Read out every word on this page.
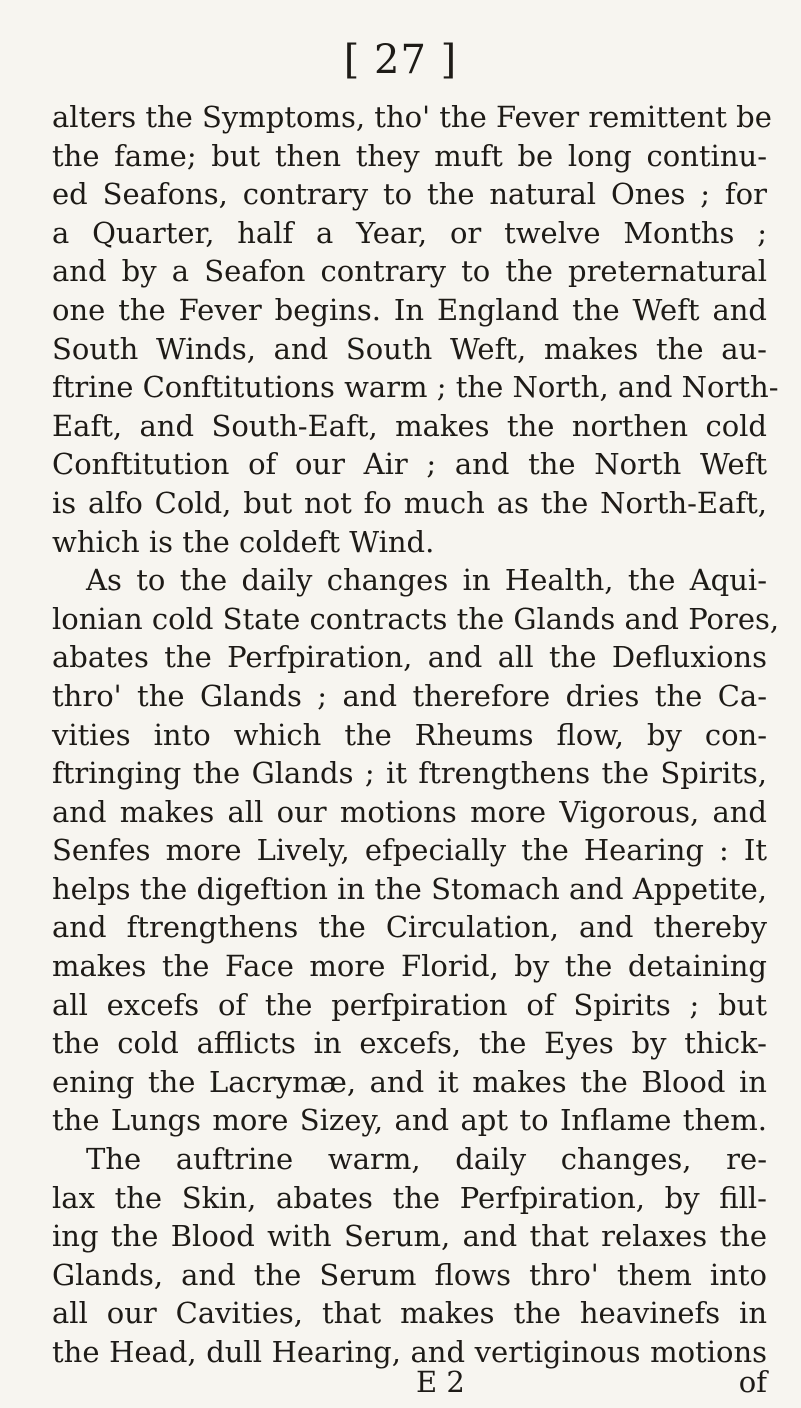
[ 27 ]
alters the Symptoms, tho' the Fever remittent be
the fame; but then they muft be long continu-
ed Seafons, contrary to the natural Ones ; for
a Quarter, half a Year, or twelve Months ;
and by a Seafon contrary to the preternatural
one the Fever begins. In England the Weft and
South Winds, and South Weft, makes the au-
ftrine Conftitutions warm ; the North, and North-
Eaft, and South-Eaft, makes the northen cold
Conftitution of our Air ; and the North Weft
is alfo Cold, but not fo much as the North-Eaft,
which is the coldeft Wind.
As to the daily changes in Health, the Aqui-
lonian cold State contracts the Glands and Pores,
abates the Perfpiration, and all the Defluxions
thro' the Glands ; and therefore dries the Ca-
vities into which the Rheums flow, by con-
ftringing the Glands ; it ftrengthens the Spirits,
and makes all our motions more Vigorous, and
Senfes more Lively, efpecially the Hearing : It
helps the digeftion in the Stomach and Appetite,
and ftrengthens the Circulation, and thereby
makes the Face more Florid, by the detaining
all excefs of the perfpiration of Spirits ; but
the cold afflicts in excefs, the Eyes by thick-
ening the Lacrymæ, and it makes the Blood in
the Lungs more Sizey, and apt to Inflame them.
The auftrine warm, daily changes, re-
lax the Skin, abates the Perfpiration, by fill-
ing the Blood with Serum, and that relaxes the
Glands, and the Serum flows thro' them into
all our Cavities, that makes the heavinefs in
the Head, dull Hearing, and vertiginous motions
E 2	of
